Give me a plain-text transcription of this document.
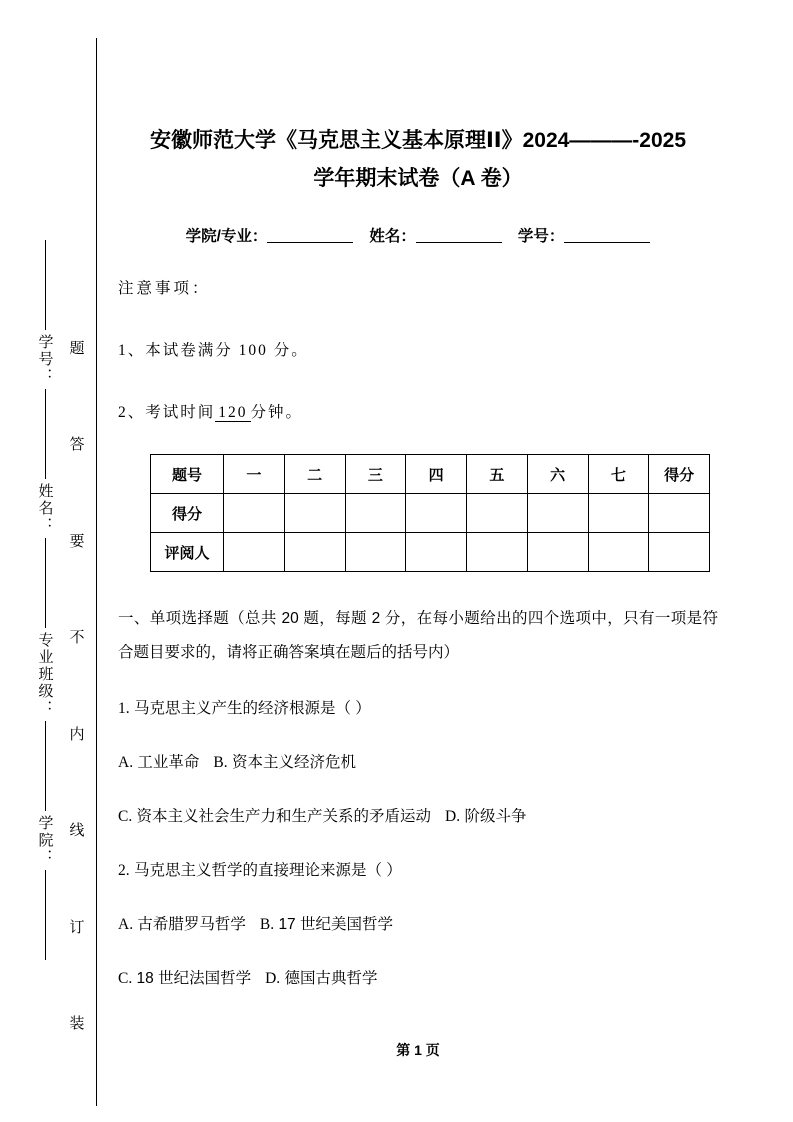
学号：
姓名：
专业班级：
学院：
题
答
要
不
内
线
订
装
安徽师范大学《马克思主义基本原理ⅠⅠ》2024———-2025
学年期末试卷（A 卷）
学院/专业：	姓名：	学号：
注意事项：
1、本试卷满分 100 分。
2、考试时间 120 分钟。
题号	一	二	三	四	五	六	七	得分
得分								
评阅人								
一、单项选择题（总共 20 题，每题 2 分，在每小题给出的四个选项中，只有一项是符合题目要求的，请将正确答案填在题后的括号内）
1. 马克思主义产生的经济根源是（ ）
A. 工业革命 B. 资本主义经济危机
C. 资本主义社会生产力和生产关系的矛盾运动 D. 阶级斗争
2. 马克思主义哲学的直接理论来源是（ ）
A. 古希腊罗马哲学 B. 17 世纪美国哲学
C. 18 世纪法国哲学 D. 德国古典哲学
第 1 页
